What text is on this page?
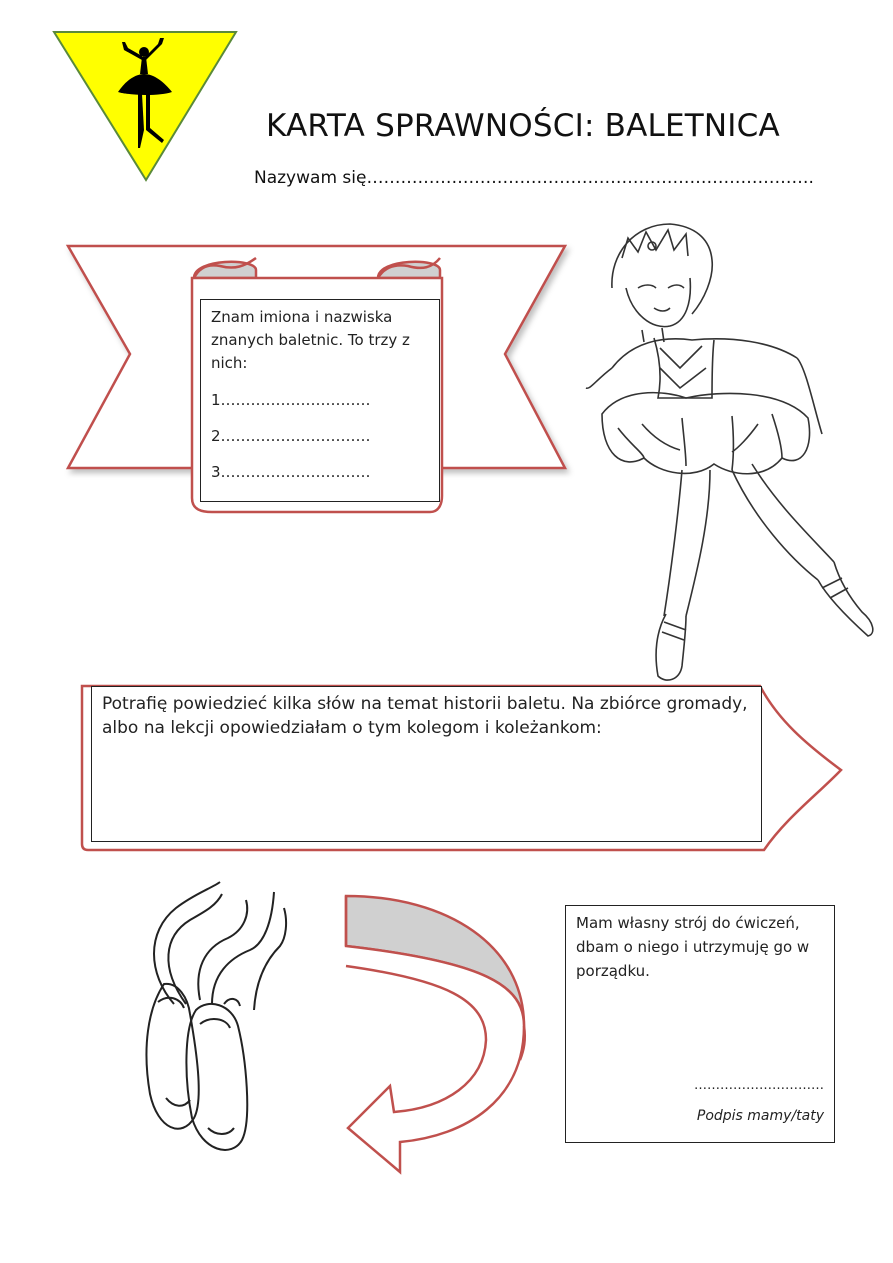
KARTA SPRAWNOŚCI: BALETNICA
Nazywam się…………………………………………………………………….

Znam imiona i nazwiska znanych baletnic. To trzy z nich:

1…………………………

2…………………………

3…………………………

Potrafię powiedzieć kilka słów na temat historii baletu. Na zbiórce gromady, albo na lekcji opowiedziałam o tym kolegom i koleżankom:

Mam własny strój do ćwiczeń, dbam o niego i utrzymuję go w porządku.

…………………………
Podpis mamy/taty
